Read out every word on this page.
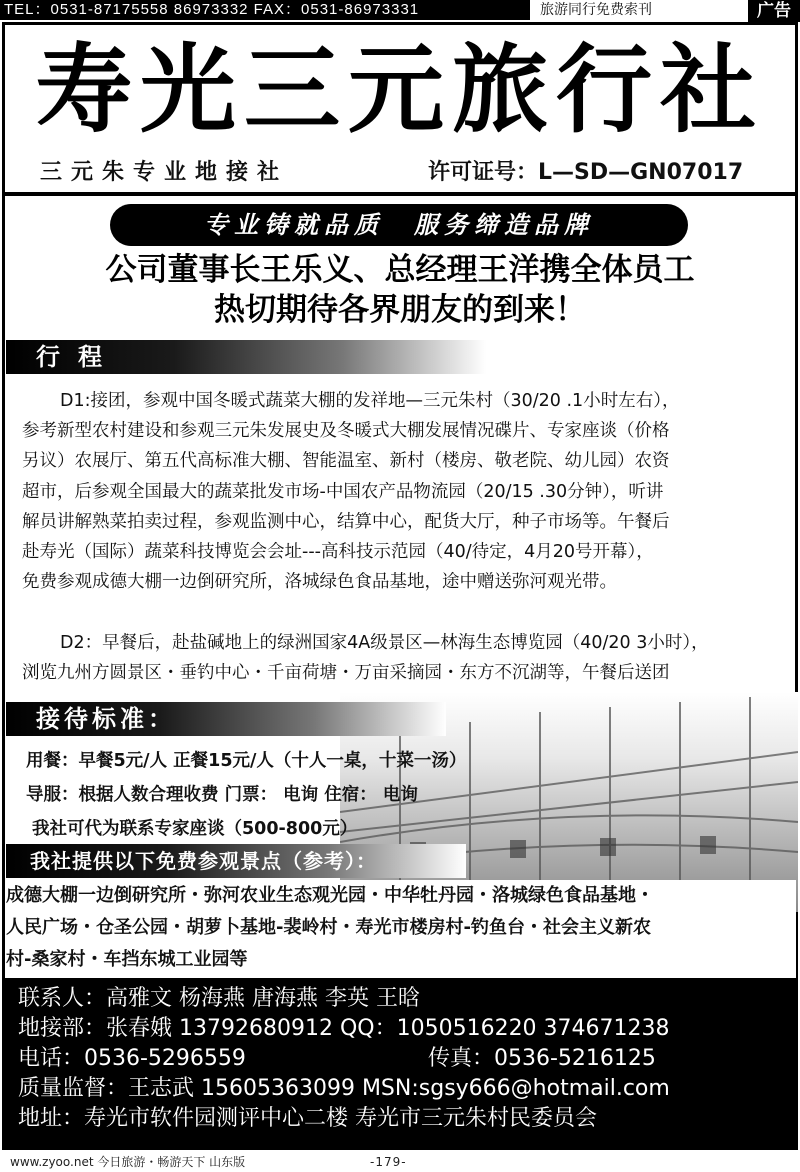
TEL：0531-87175558 86973332 FAX：0531-86973331	旅游同行免费索刊	广告
寿光三元旅行社
三元朱专业地接社	许可证号：L—SD—GN07017
专业铸就品质　服务缔造品牌
公司董事长王乐义、总经理王洋携全体员工
热切期待各界朋友的到来！
行程
D1:接团，参观中国冬暖式蔬菜大棚的发祥地—三元朱村（30/20 .1小时左右），
参考新型农村建设和参观三元朱发展史及冬暖式大棚发展情况碟片、专家座谈（价格
另议）农展厅、第五代高标准大棚、智能温室、新村（楼房、敬老院、幼儿园）农资
超市，后参观全国最大的蔬菜批发市场-中国农产品物流园（20/15 .30分钟），听讲
解员讲解熟菜拍卖过程，参观监测中心，结算中心，配货大厅，种子市场等。午餐后
赴寿光（国际）蔬菜科技博览会会址---高科技示范园（40/待定，4月20号开幕），
免费参观成德大棚一边倒研究所，洛城绿色食品基地，途中赠送弥河观光带。
D2：早餐后，赴盐碱地上的绿洲国家4A级景区—林海生态博览园（40/20 3小时），
浏览九州方圆景区・垂钓中心・千亩荷塘・万亩采摘园・东方不沉湖等，午餐后送团
接待标准：
用餐：早餐5元/人 正餐15元/人（十人一桌，十菜一汤）
导服：根据人数合理收费 门票： 电询 住宿： 电询
我社可代为联系专家座谈（500-800元）
我社提供以下免费参观景点（参考）：
成德大棚一边倒研究所・弥河农业生态观光园・中华牡丹园・洛城绿色食品基地・
人民广场・仓圣公园・胡萝卜基地-裴岭村・寿光市楼房村-钓鱼台・社会主义新农
村-桑家村・车挡东城工业园等
联系人：高雅文 杨海燕 唐海燕 李英 王晗
地接部：张春娥 13792680912 QQ：1050516220 374671238
电话：0536-5296559	传真：0536-5216125
质量监督：王志武 15605363099 MSN:sgsy666@hotmail.com
地址：寿光市软件园测评中心二楼 寿光市三元朱村民委员会
www.zyoo.net 今日旅游・畅游天下 山东版	-179-
